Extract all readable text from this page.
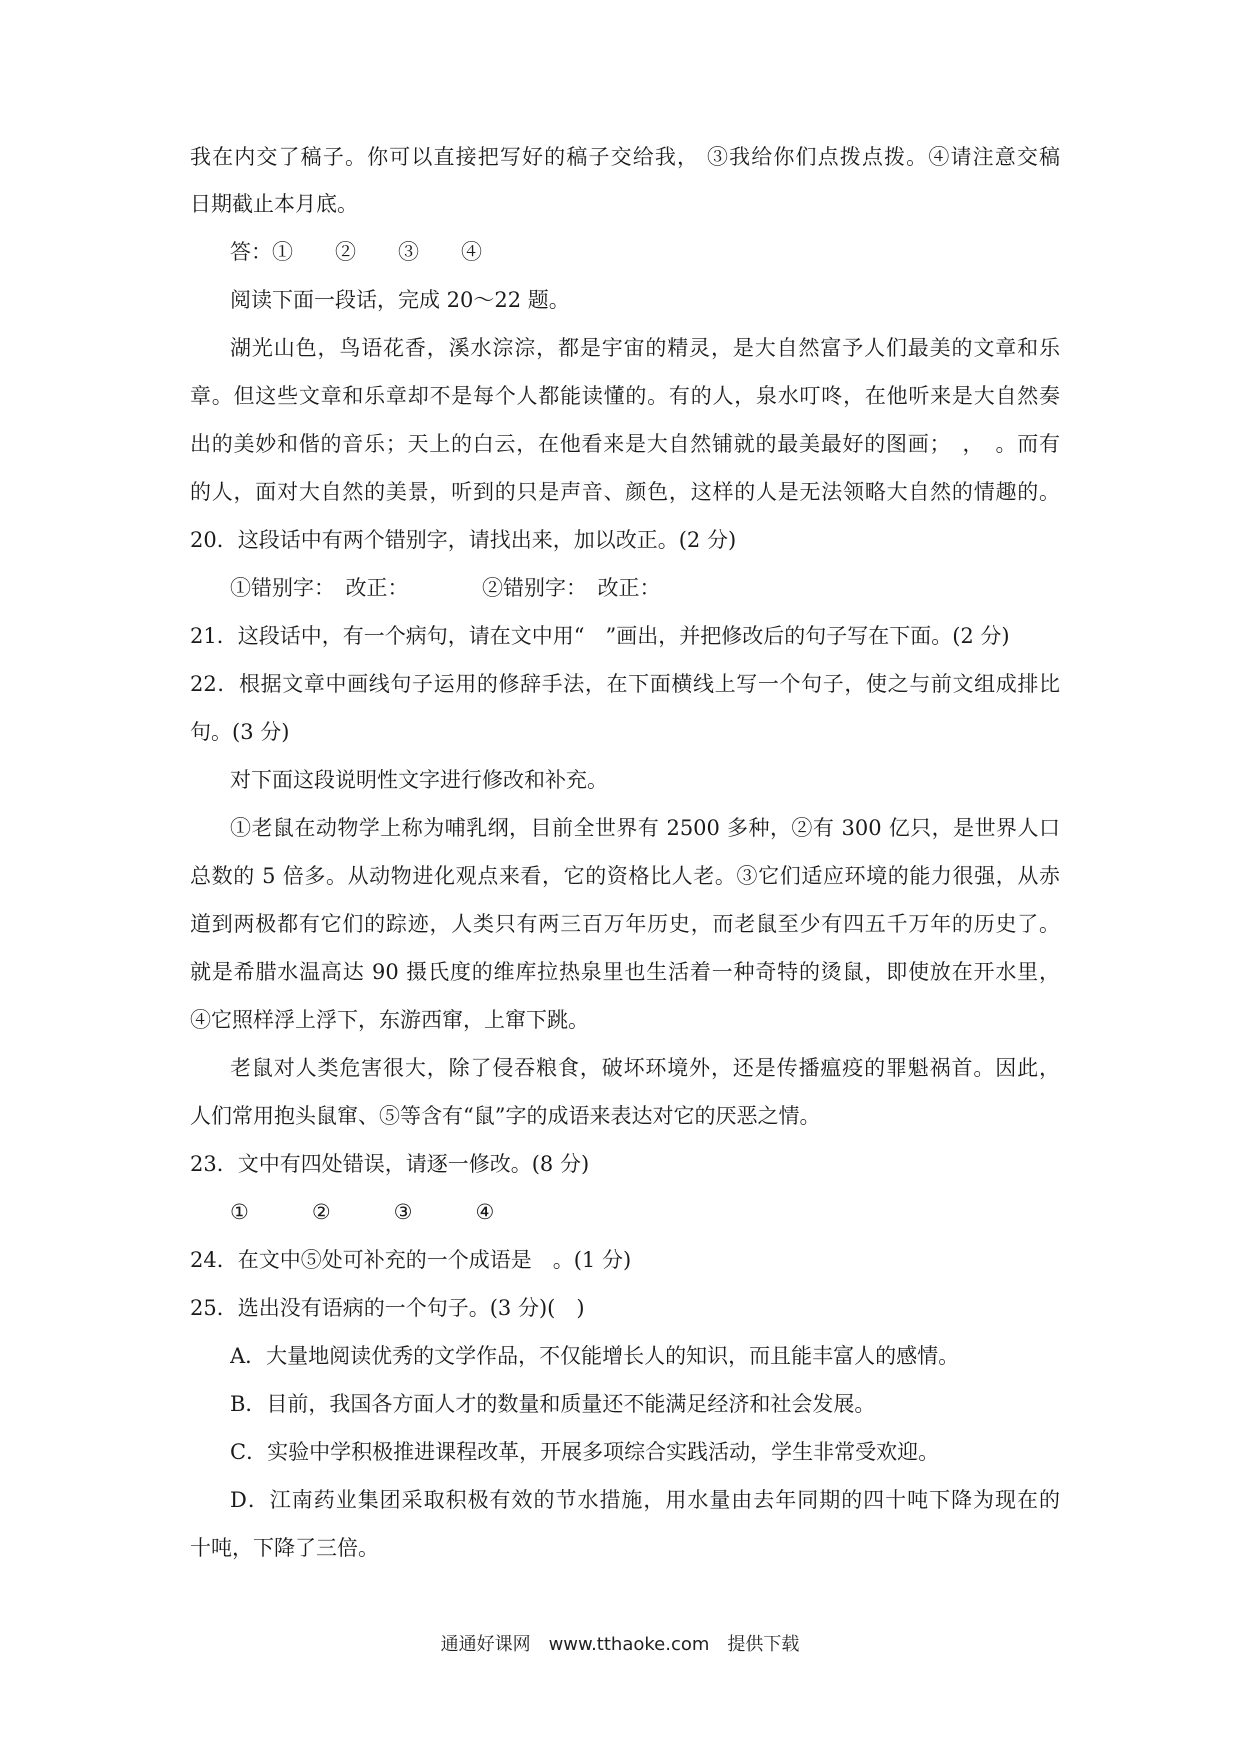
我在内交了稿子。你可以直接把写好的稿子交给我， ③我给你们点拨点拨。④请注意交稿
日期截止本月底。
答：①　　②　　③　　④
阅读下面一段话，完成 20～22 题。
湖光山色，鸟语花香，溪水淙淙，都是宇宙的精灵，是大自然富予人们最美的文章和乐
章。但这些文章和乐章却不是每个人都能读懂的。有的人，泉水叮咚，在他听来是大自然奏
出的美妙和偕的音乐；天上的白云，在他看来是大自然铺就的最美最好的图画；　，　。而有
的人，面对大自然的美景，听到的只是声音、颜色，这样的人是无法领略大自然的情趣的。
20．这段话中有两个错别字，请找出来，加以改正。(2 分)
①错别字：　改正：　　　　②错别字：　改正：
21．这段话中，有一个病句，请在文中用“　”画出，并把修改后的句子写在下面。(2 分)
22．根据文章中画线句子运用的修辞手法，在下面横线上写一个句子，使之与前文组成排比
句。(3 分)
对下面这段说明性文字进行修改和补充。
①老鼠在动物学上称为哺乳纲，目前全世界有 2500 多种，②有 300 亿只，是世界人口
总数的 5 倍多。从动物进化观点来看，它的资格比人老。③它们适应环境的能力很强，从赤
道到两极都有它们的踪迹，人类只有两三百万年历史，而老鼠至少有四五千万年的历史了。
就是希腊水温高达 90 摄氏度的维库拉热泉里也生活着一种奇特的烫鼠，即使放在开水里，
④它照样浮上浮下，东游西窜，上窜下跳。
老鼠对人类危害很大，除了侵吞粮食，破坏环境外，还是传播瘟疫的罪魁祸首。因此，
人们常用抱头鼠窜、⑤等含有“鼠”字的成语来表达对它的厌恶之情。
23．文中有四处错误，请逐一修改。(8 分)
①　　　②　　　③　　　④
24．在文中⑤处可补充的一个成语是　。(1 分)
25．选出没有语病的一个句子。(3 分)(　)
A．大量地阅读优秀的文学作品，不仅能增长人的知识，而且能丰富人的感情。
B．目前，我国各方面人才的数量和质量还不能满足经济和社会发展。
C．实验中学积极推进课程改革，开展多项综合实践活动，学生非常受欢迎。
D．江南药业集团采取积极有效的节水措施，用水量由去年同期的四十吨下降为现在的
十吨，下降了三倍。
通通好课网　www.tthaoke.com　提供下载
